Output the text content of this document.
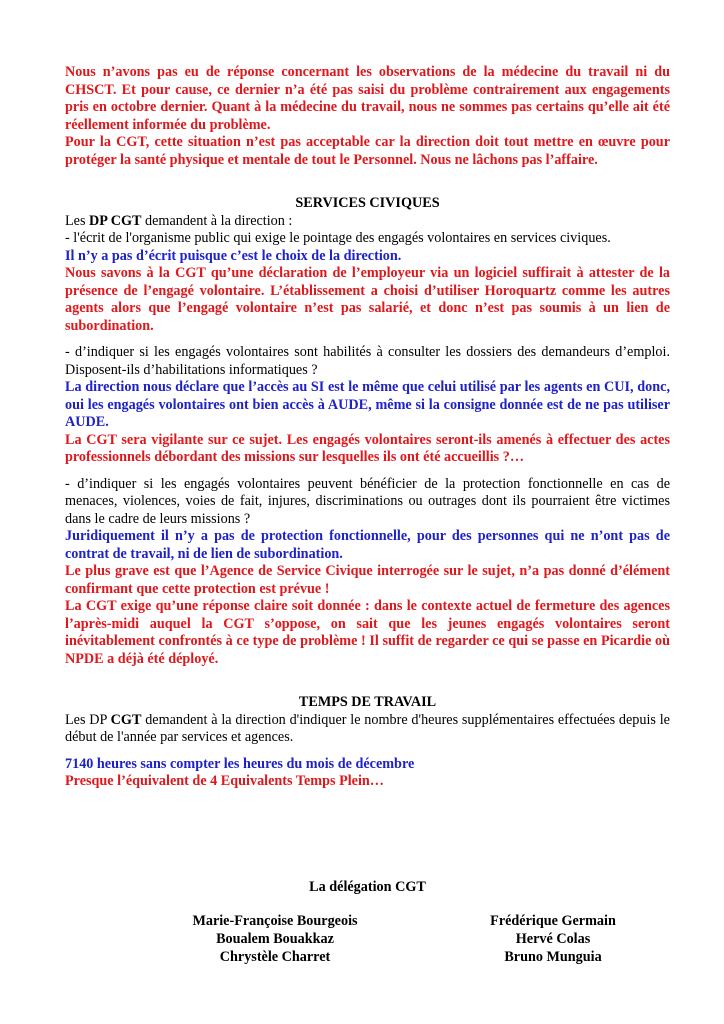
Nous n’avons pas eu de réponse concernant les observations de la médecine du travail ni du CHSCT. Et pour cause, ce dernier n’a été pas saisi du problème contrairement aux engagements pris en octobre dernier. Quant à la médecine du travail, nous ne sommes pas certains qu’elle ait été réellement informée du problème.

Pour la CGT, cette situation n’est pas acceptable car la direction doit tout mettre en œuvre pour protéger la santé physique et mentale de tout le Personnel. Nous ne lâchons pas l’affaire.

SERVICES CIVIQUES

Les DP CGT demandent à la direction :

- l'écrit de l'organisme public qui exige le pointage des engagés volontaires en services civiques.

Il n’y a pas d’écrit puisque c’est le choix de la direction.

Nous savons à la CGT qu’une déclaration de l’employeur via un logiciel suffirait à attester de la présence de l’engagé volontaire. L’établissement a choisi d’utiliser Horoquartz comme les autres agents alors que l’engagé volontaire n’est pas salarié, et donc n’est pas soumis à un lien de subordination.

- d’indiquer si les engagés volontaires sont habilités à consulter les dossiers des demandeurs d’emploi. Disposent-ils d’habilitations informatiques ?

La direction nous déclare que l’accès au SI est le même que celui utilisé par les agents en CUI, donc, oui les engagés volontaires ont bien accès à AUDE, même si la consigne donnée est de ne pas utiliser AUDE.

La CGT sera vigilante sur ce sujet. Les engagés volontaires seront-ils amenés à effectuer des actes professionnels débordant des missions sur lesquelles ils ont été accueillis ?…

- d’indiquer si les engagés volontaires peuvent bénéficier de la protection fonctionnelle en cas de menaces, violences, voies de fait, injures, discriminations ou outrages dont ils pourraient être victimes dans le cadre de leurs missions ?

Juridiquement il n’y a pas de protection fonctionnelle, pour des personnes qui ne n’ont pas de contrat de travail, ni de lien de subordination.

Le plus grave est que l’Agence de Service Civique interrogée sur le sujet, n’a pas donné d’élément confirmant que cette protection est prévue !

La CGT exige qu’une réponse claire soit donnée : dans le contexte actuel de fermeture des agences l’après-midi auquel la CGT s’oppose, on sait que les jeunes engagés volontaires seront inévitablement confrontés à ce type de problème ! Il suffit de regarder ce qui se passe en Picardie où NPDE a déjà été déployé.

TEMPS DE TRAVAIL

Les DP CGT demandent à la direction d'indiquer le nombre d'heures supplémentaires effectuées depuis le début de l'année par services et agences.

7140 heures sans compter les heures du mois de décembre

Presque l’équivalent de 4 Equivalents Temps Plein…

La délégation CGT

Marie-Françoise Bourgeois
Boualem Bouakkaz
Chrystèle Charret
Frédérique Germain
Hervé Colas
Bruno Munguia
